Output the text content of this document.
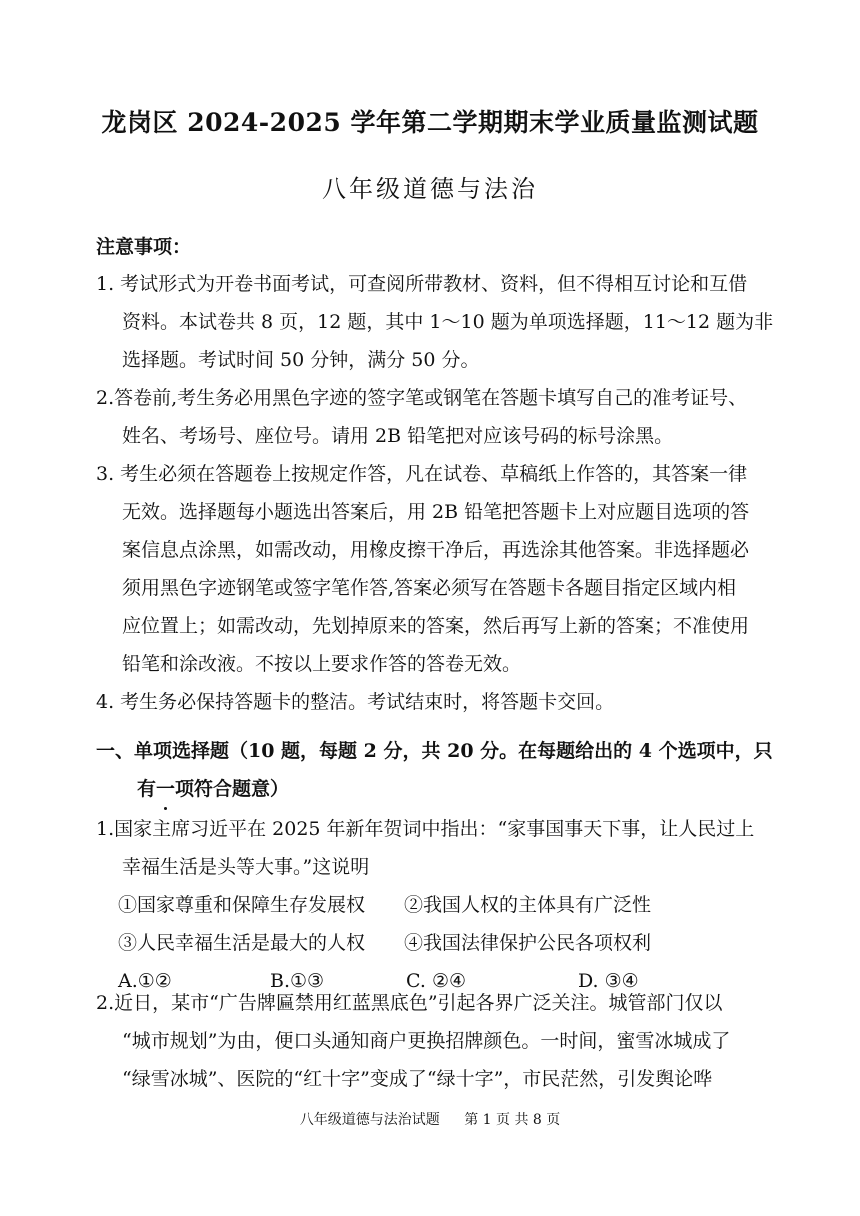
龙岗区 2024-2025 学年第二学期期末学业质量监测试题
八年级道德与法治
注意事项：
1. 考试形式为开卷书面考试，可查阅所带教材、资料，但不得相互讨论和互借
资料。本试卷共 8 页，12 题，其中 1～10 题为单项选择题，11～12 题为非
选择题。考试时间 50 分钟，满分 50 分。
2.答卷前,考生务必用黑色字迹的签字笔或钢笔在答题卡填写自己的准考证号、
姓名、考场号、座位号。请用 2B 铅笔把对应该号码的标号涂黑。
3. 考生必须在答题卷上按规定作答，凡在试卷、草稿纸上作答的，其答案一律
无效。选择题每小题选出答案后，用 2B 铅笔把答题卡上对应题目选项的答
案信息点涂黑，如需改动，用橡皮擦干净后，再选涂其他答案。非选择题必
须用黑色字迹钢笔或签字笔作答,答案必须写在答题卡各题目指定区域内相
应位置上；如需改动，先划掉原来的答案，然后再写上新的答案；不准使用
铅笔和涂改液。不按以上要求作答的答卷无效。
4. 考生务必保持答题卡的整洁。考试结束时，将答题卡交回。
一、单项选择题（10 题，每题 2 分，共 20 分。在每题给出的 4 个选项中，只
有一项符合题意）
1.国家主席习近平在 2025 年新年贺词中指出：“家事国事天下事，让人民过上
幸福生活是头等大事。”这说明
①国家尊重和保障生存发展权 ②我国人权的主体具有广泛性
③人民幸福生活是最大的人权 ④我国法律保护公民各项权利
A.①②	B.①③	C. ②④	D. ③④
2.近日，某市“广告牌匾禁用红蓝黑底色”引起各界广泛关注。城管部门仅以
“城市规划”为由，便口头通知商户更换招牌颜色。一时间，蜜雪冰城成了
“绿雪冰城”、医院的“红十字”变成了“绿十字”，市民茫然，引发舆论哗
八年级道德与法治试题 第 1 页 共 8 页
